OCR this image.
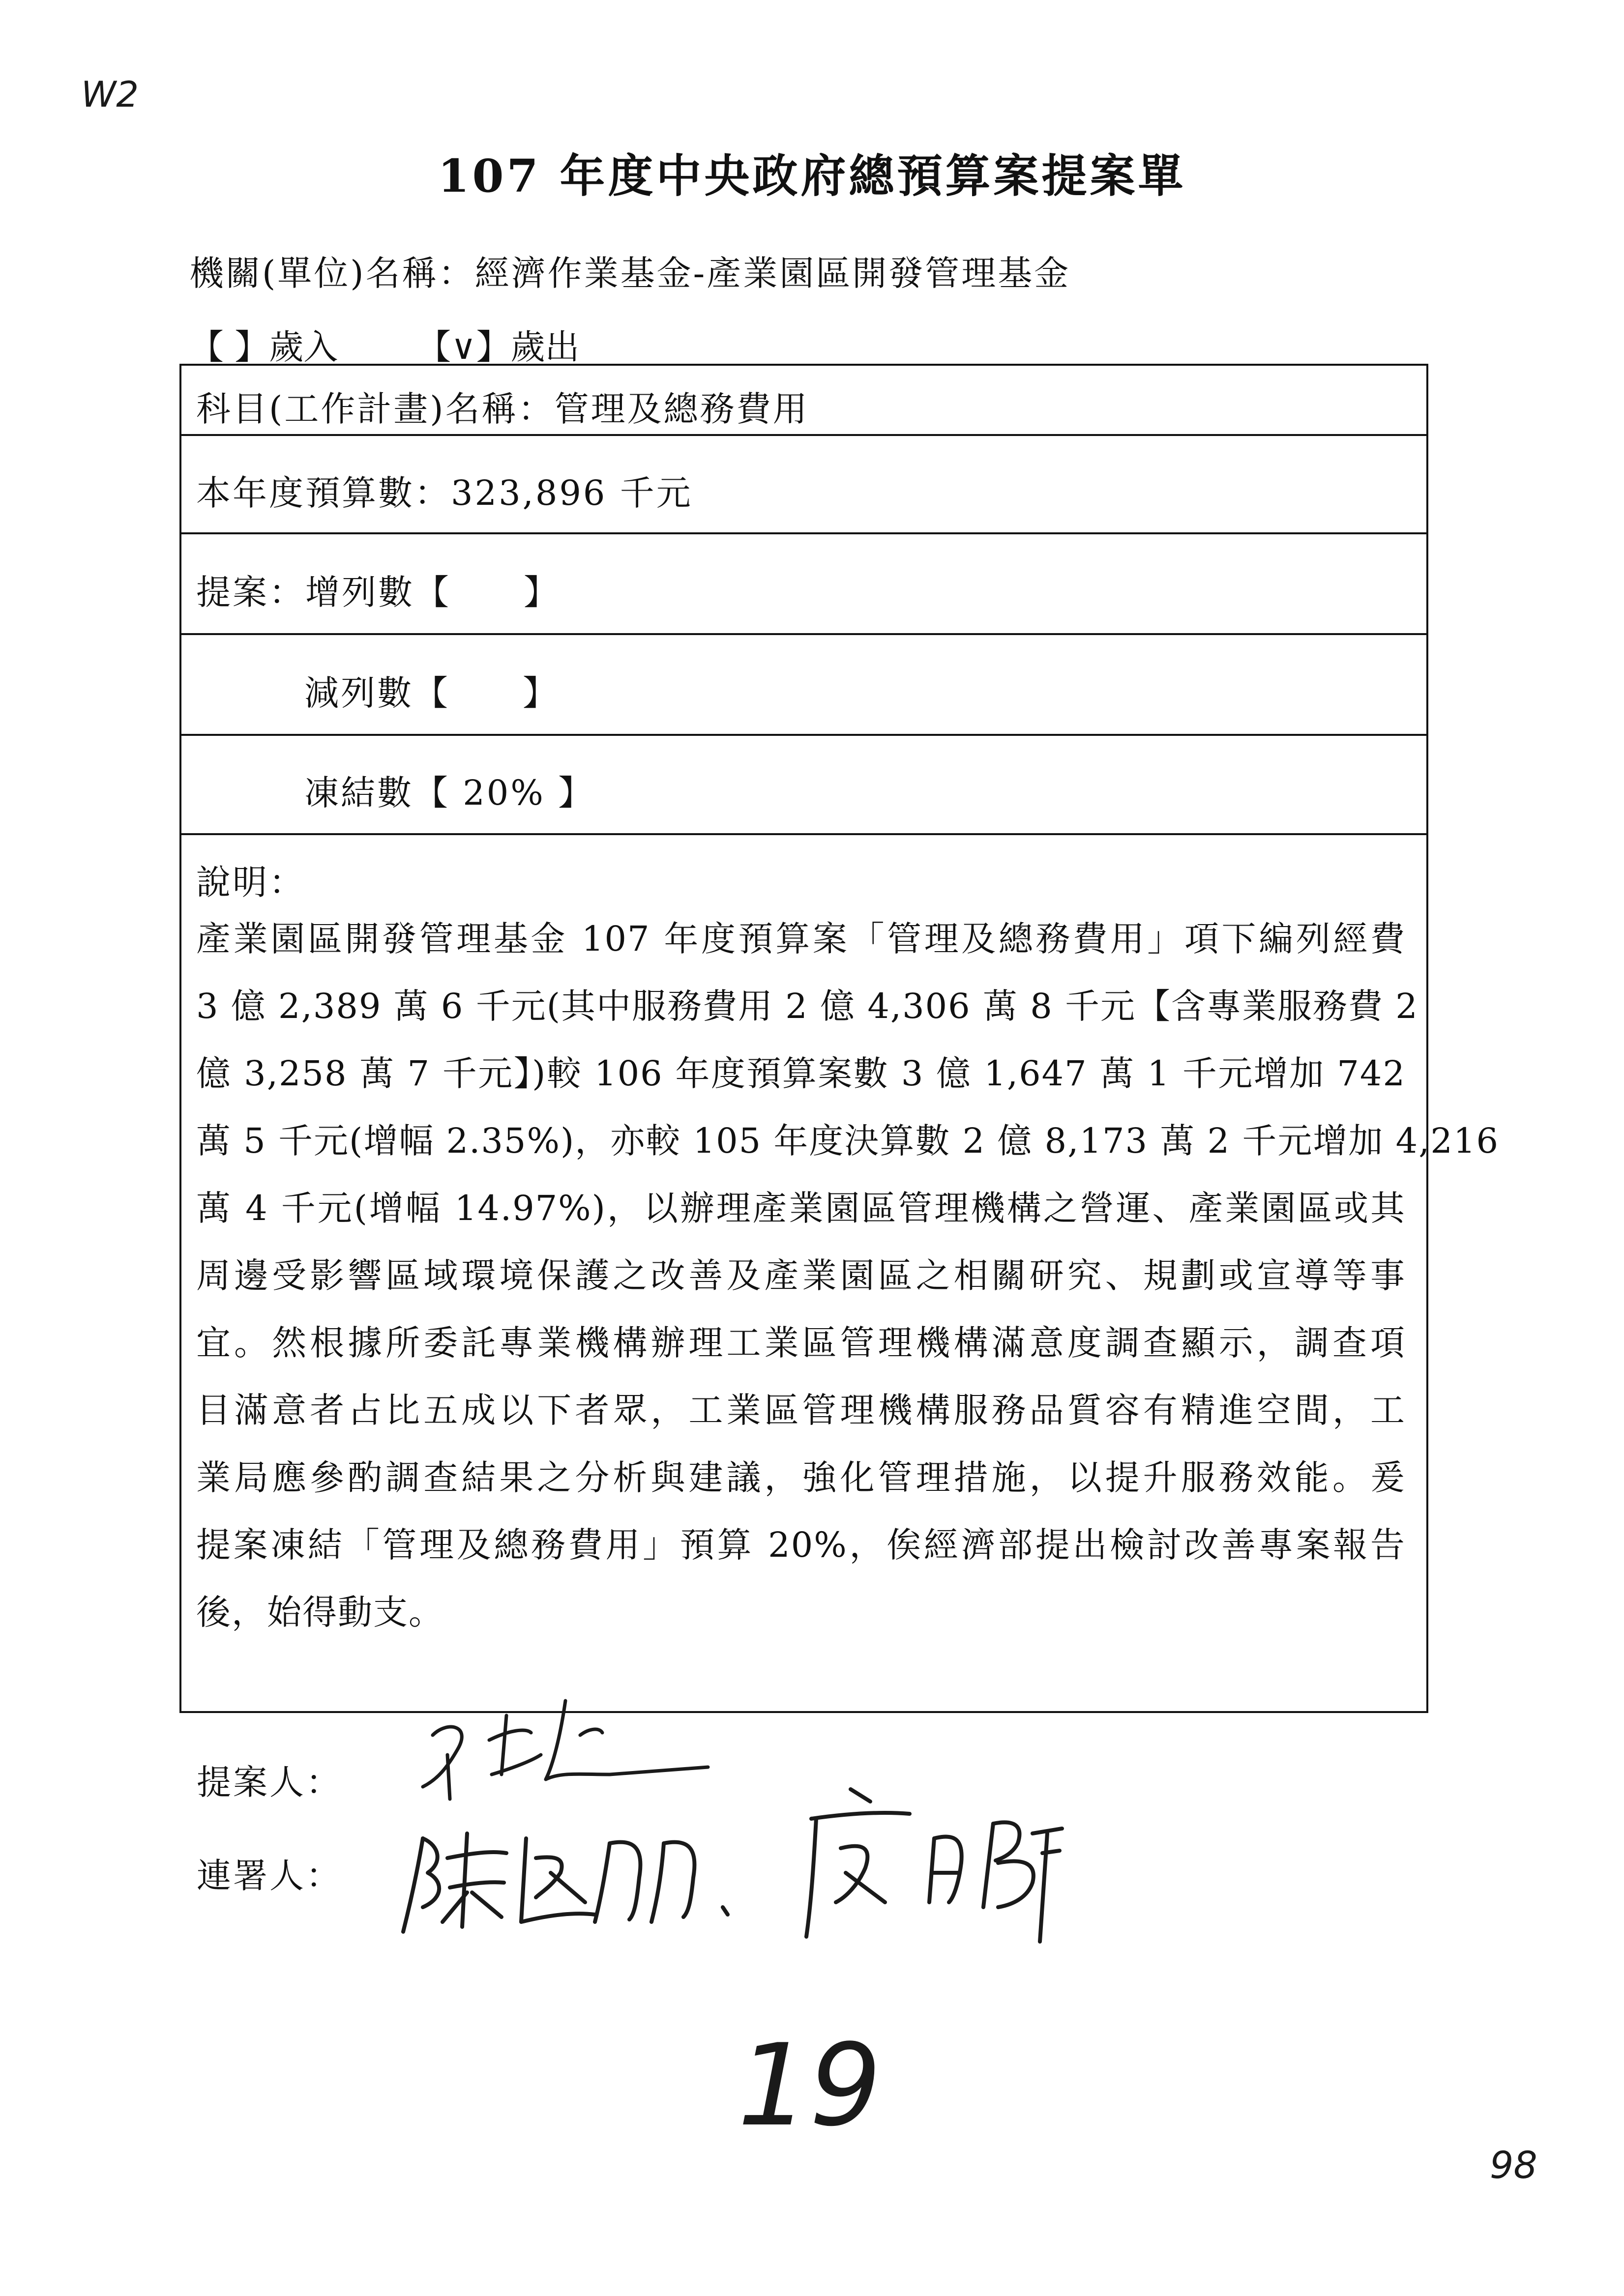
W2
107 年度中央政府總預算案提案單
機關(單位)名稱：經濟作業基金-產業園區開發管理基金
【 】歲入 【∨】歲出
科目(工作計畫)名稱：管理及總務費用
本年度預算數：323,896 千元
提案：增列數【　　】
減列數【　　】
凍結數【 20% 】
說明：
產業園區開發管理基金 107 年度預算案「管理及總務費用」項下編列經費
3 億 2,389 萬 6 千元(其中服務費用 2 億 4,306 萬 8 千元【含專業服務費 2
億 3,258 萬 7 千元】)較 106 年度預算案數 3 億 1,647 萬 1 千元增加 742
萬 5 千元(增幅 2.35%)，亦較 105 年度決算數 2 億 8,173 萬 2 千元增加 4,216
萬 4 千元(增幅 14.97%)，以辦理產業園區管理機構之營運、產業園區或其
周邊受影響區域環境保護之改善及產業園區之相關研究、規劃或宣導等事
宜。然根據所委託專業機構辦理工業區管理機構滿意度調查顯示，調查項
目滿意者占比五成以下者眾，工業區管理機構服務品質容有精進空間，工
業局應參酌調查結果之分析與建議，強化管理措施，以提升服務效能。爰
提案凍結「管理及總務費用」預算 20%，俟經濟部提出檢討改善專案報告
後，始得動支。
提案人：
連署人：
19
98
